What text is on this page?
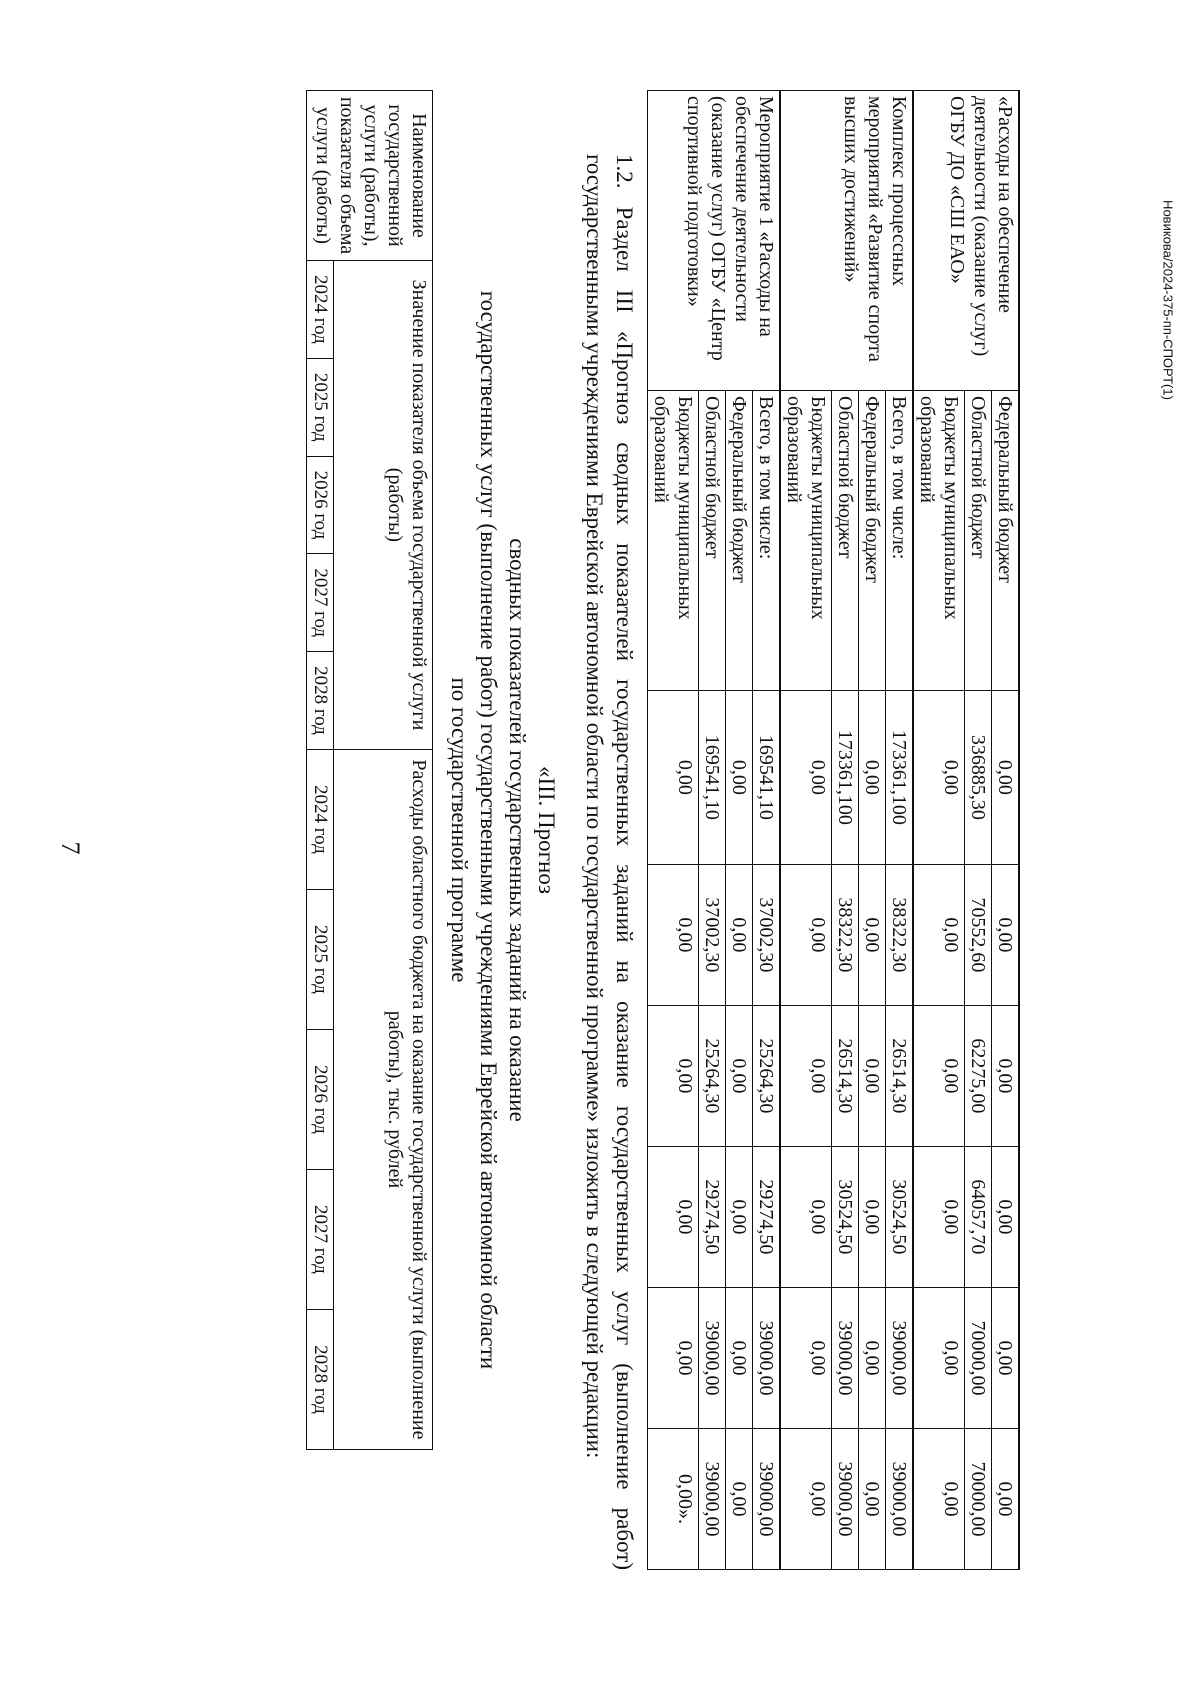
7
Новикова/2024-375-пп-СПОРТ(1)
«Расходы на обеспечение деятельности (оказание услуг) ОГБУ ДО «СШ ЕАО»	Федеральный бюджет	0,00	0,00	0,00	0,00	0,00	0,00
	Областной бюджет	336885,30	70552,60	62275,00	64057,70	70000,00	70000,00
	Бюджеты муниципальных образований	0,00	0,00	0,00	0,00	0,00	0,00
Комплекс процессных мероприятий «Развитие спорта высших достижений»	Всего, в том числе:	173361,100	38322,30	26514,30	30524,50	39000,00	39000,00
	Федеральный бюджет	0,00	0,00	0,00	0,00	0,00	0,00
	Областной бюджет	173361,100	38322,30	26514,30	30524,50	39000,00	39000,00
	Бюджеты муниципальных образований	0,00	0,00	0,00	0,00	0,00	0,00
Мероприятие 1 «Расходы на обеспечение деятельности (оказание услуг) ОГБУ «Центр спортивной подготовки»	Всего, в том числе:	169541,10	37002,30	25264,30	29274,50	39000,00	39000,00
	Федеральный бюджет	0,00	0,00	0,00	0,00	0,00	0,00
	Областной бюджет	169541,10	37002,30	25264,30	29274,50	39000,00	39000,00
	Бюджеты муниципальных образований	0,00	0,00	0,00	0,00	0,00	0,00».
1.2. Раздел III «Прогноз сводных показателей государственных заданий на оказание государственных услуг (выполнение работ) государственными учреждениями Еврейской автономной области по государственной программе» изложить в следующей редакции:
«III. Прогноз
сводных показателей государственных заданий на оказание
государственных услуг (выполнение работ) государственными учреждениями Еврейской автономной области
по государственной программе
Наименование государственной услуги (работы), показателя объема услуги (работы)	Значение показателя объема государственной услуги (работы)					Расходы областного бюджета на оказание государственной услуги (выполнение работы), тыс. рублей				
	2024 год	2025 год	2026 год	2027 год	2028 год	2024 год	2025 год	2026 год	2027 год	2028 год
